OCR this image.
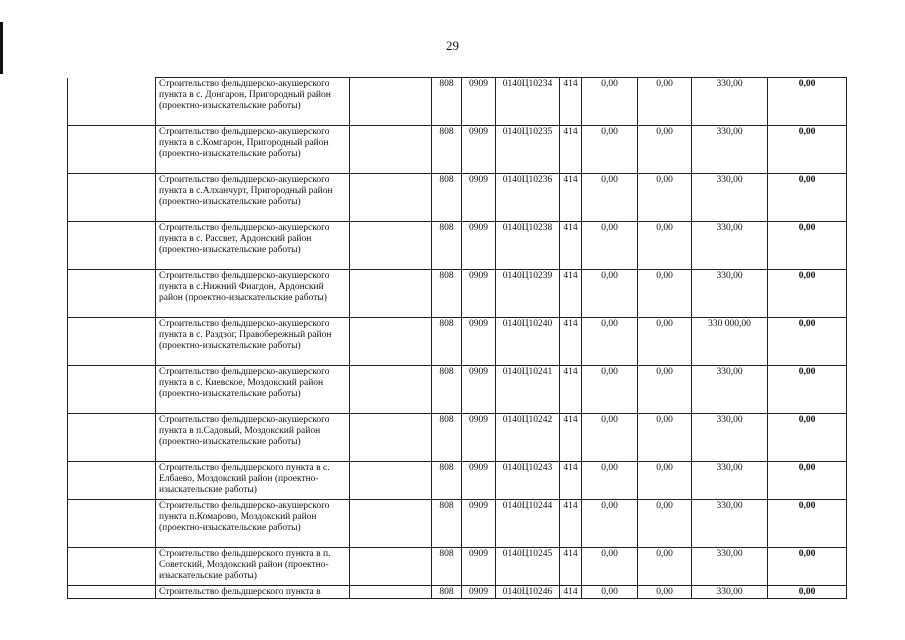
29
	Строительство фельдшерско-акушерского пункта в с. Донгарон, Пригородный район (проектно-изыскательские работы)		808	0909	0140Ц10234	414	0,00	0,00	330,00	0,00
	Строительство фельдшерско-акушерского пункта в с.Комгарон, Пригородный район (проектно-изыскательские работы)		808	0909	0140Ц10235	414	0,00	0,00	330,00	0,00
	Строительство фельдшерско-акушерского пункта в с.Алханчурт, Пригородный район (проектно-изыскательские работы)		808	0909	0140Ц10236	414	0,00	0,00	330,00	0,00
	Строительство фельдшерско-акушерского пункта в с. Рассвет, Ардонский район (проектно-изыскательские работы)		808	0909	0140Ц10238	414	0,00	0,00	330,00	0,00
	Строительство фельдшерско-акушерского пункта в с.Нижний Фиагдон, Ардонский район (проектно-изыскательские работы)		808	0909	0140Ц10239	414	0,00	0,00	330,00	0,00
	Строительство фельдшерско-акушерского пункта в с. Раздзог, Правобережный район (проектно-изыскательские работы)		808	0909	0140Ц10240	414	0,00	0,00	330 000,00	0,00
	Строительство фельдшерско-акушерского пункта в с. Киевское, Моздокский район (проектно-изыскательские работы)		808	0909	0140Ц10241	414	0,00	0,00	330,00	0,00
	Строительство фельдшерско-акушерского пункта в п.Садовый, Моздокский район (проектно-изыскательские работы)		808	0909	0140Ц10242	414	0,00	0,00	330,00	0,00
	Строительство фельдшерского пункта в с. Елбаево, Моздокский район (проектно-изыскательские работы)		808	0909	0140Ц10243	414	0,00	0,00	330,00	0,00
	Строительство фельдшерско-акушерского пункта п.Комарово, Моздокский район (проектно-изыскательские работы)		808	0909	0140Ц10244	414	0,00	0,00	330,00	0,00
	Строительство фельдшерского пункта в п. Советский, Моздокский район (проектно-изыскательские работы)		808	0909	0140Ц10245	414	0,00	0,00	330,00	0,00
	Строительство фельдшерского пункта в		808	0909	0140Ц10246	414	0,00	0,00	330,00	0,00
